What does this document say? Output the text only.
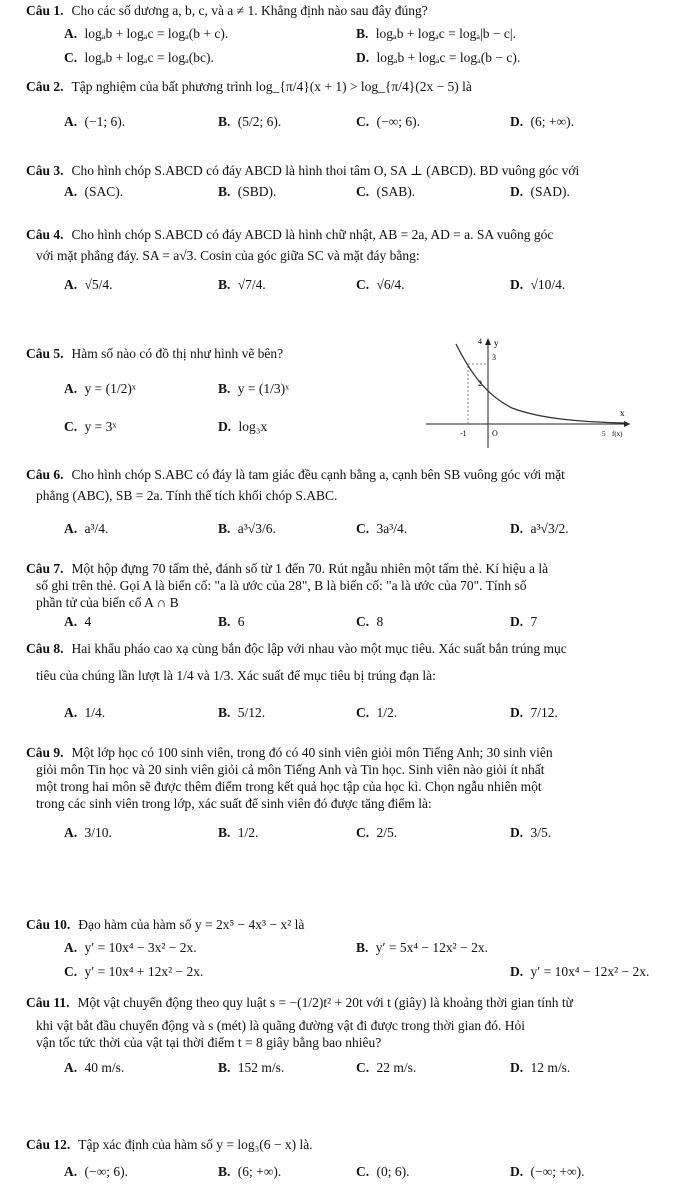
Câu 1. Cho các số dương a, b, c, và a ≠ 1. Khẳng định nào sau đây đúng?
A. logₐb + logₐc = logₐ(b + c).	B. logₐb + logₐc = logₐ|b − c|.
C. logₐb + logₐc = logₐ(bc).	D. logₐb + logₐc = logₐ(b − c).
Câu 2. Tập nghiệm của bất phương trình log_{π/4}(x + 1) > log_{π/4}(2x − 5) là
A. (−1; 6).	B. (5/2; 6).	C. (−∞; 6).	D. (6; +∞).
Câu 3. Cho hình chóp S.ABCD có đáy ABCD là hình thoi tâm O, SA ⊥ (ABCD). BD vuông góc với
A. (SAC).	B. (SBD).	C. (SAB).	D. (SAD).
Câu 4. Cho hình chóp S.ABCD có đáy ABCD là hình chữ nhật, AB = 2a, AD = a. SA vuông góc
với mặt phẳng đáy. SA = a√3. Cosin của góc giữa SC và mặt đáy bằng:
A. √5/4.	B. √7/4.	C. √6/4.	D. √10/4.
Câu 5. Hàm số nào có đồ thị như hình vẽ bên?
A. y = (1/2)ˣ	B. y = (1/3)ˣ
C. y = 3ˣ	D. log₃x
y
4
3
2
x
f(x)
5
-1	O
Câu 6. Cho hình chóp S.ABC có đáy là tam giác đều cạnh bằng a, cạnh bên SB vuông góc với mặt
phẳng (ABC), SB = 2a. Tính thể tích khối chóp S.ABC.
A. a³/4.	B. a³√3/6.	C. 3a³/4.	D. a³√3/2.
Câu 7. Một hộp đựng 70 tấm thẻ, đánh số từ 1 đến 70. Rút ngẫu nhiên một tấm thẻ. Kí hiệu a là
số ghi trên thẻ. Gọi A là biến cố: "a là ước của 28", B là biến cố: "a là ước của 70". Tính số
phần tử của biến cố A ∩ B
A. 4	B. 6	C. 8	D. 7
Câu 8. Hai khẩu pháo cao xạ cùng bắn độc lập với nhau vào một mục tiêu. Xác suất bắn trúng mục
tiêu của chúng lần lượt là 1/4 và 1/3. Xác suất để mục tiêu bị trúng đạn là:
A. 1/4.	B. 5/12.	C. 1/2.	D. 7/12.
Câu 9. Một lớp học có 100 sinh viên, trong đó có 40 sinh viên giỏi môn Tiếng Anh; 30 sinh viên
giỏi môn Tin học và 20 sinh viên giỏi cả môn Tiếng Anh và Tin học. Sinh viên nào giỏi ít nhất
một trong hai môn sẽ được thêm điểm trong kết quả học tập của học kì. Chọn ngẫu nhiên một
trong các sinh viên trong lớp, xác suất để sinh viên đó được tăng điểm là:
A. 3/10.	B. 1/2.	C. 2/5.	D. 3/5.
Câu 10. Đạo hàm của hàm số y = 2x⁵ − 4x³ − x² là
A. y′ = 10x⁴ − 3x² − 2x.	B. y′ = 5x⁴ − 12x² − 2x.
C. y′ = 10x⁴ + 12x² − 2x.	D. y′ = 10x⁴ − 12x² − 2x.
Câu 11. Một vật chuyển động theo quy luật s = −(1/2)t² + 20t với t (giây) là khoảng thời gian tính từ
khi vật bắt đầu chuyển động và s (mét) là quãng đường vật đi được trong thời gian đó. Hỏi
vận tốc tức thời của vật tại thời điểm t = 8 giây bằng bao nhiêu?
A. 40 m/s.	B. 152 m/s.	C. 22 m/s.	D. 12 m/s.
Câu 12. Tập xác định của hàm số y = log₃(6 − x) là.
A. (−∞; 6).	B. (6; +∞).	C. (0; 6).	D. (−∞; +∞).
